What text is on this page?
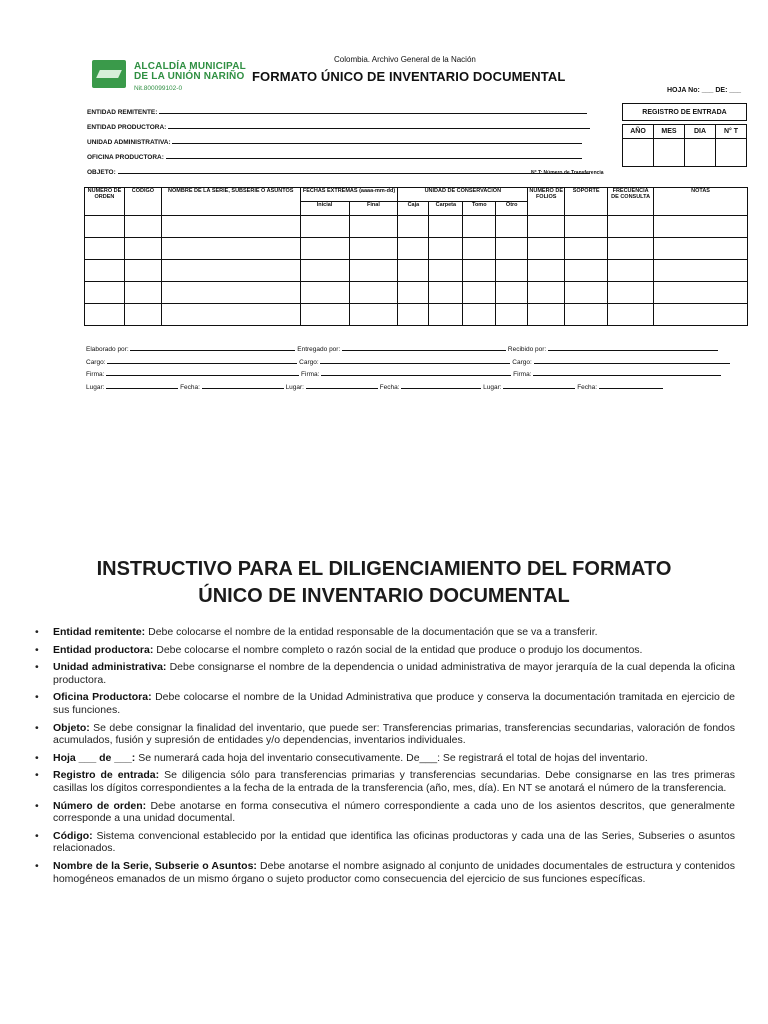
ALCALDÍA MUNICIPAL
DE LA UNIÓN NARIÑO
Nit.800099102-0
Colombia. Archivo General de la Nación
FORMATO ÚNICO DE INVENTARIO DOCUMENTAL
HOJA No: ___ DE: ___
ENTIDAD REMITENTE:
ENTIDAD PRODUCTORA:
UNIDAD ADMINISTRATIVA:
OFICINA PRODUCTORA:
OBJETO:	N° T: Número de Transferencia
REGISTRO DE ENTRADA			

AÑO	MES	DIA	N° T

NUMERO DE ORDEN	CODIGO	NOMBRE DE LA SERIE, SUBSERIE O ASUNTOS	FECHAS EXTREMAS (aaaa-mm-dd)		UNIDAD DE CONSERVACIÓN				NUMERO DE FOLIOS	SOPORTE	FRECUENCIA DE CONSULTA	NOTAS
			Inicial	Final	Caja	Carpeta	Tomo	Otro				

Elaborado por:	Entregado por:	Recibido por:
Cargo:	Cargo:	Cargo:
Firma:	Firma:	Firma:
Lugar:	Fecha:	Lugar:	Fecha:	Lugar:	Fecha:
INSTRUCTIVO PARA EL DILIGENCIAMIENTO DEL FORMATO
ÚNICO DE INVENTARIO DOCUMENTAL
• Entidad remitente: Debe colocarse el nombre de la entidad responsable de la documentación que se va a transferir.
• Entidad productora: Debe colocarse el nombre completo o razón social de la entidad que produce o produjo los documentos.
• Unidad administrativa: Debe consignarse el nombre de la dependencia o unidad administrativa de mayor jerarquía de la cual dependa la oficina productora.
• Oficina Productora: Debe colocarse el nombre de la Unidad Administrativa que produce y conserva la documentación tramitada en ejercicio de sus funciones.
• Objeto: Se debe consignar la finalidad del inventario, que puede ser: Transferencias primarias, transferencias secundarias, valoración de fondos acumulados, fusión y supresión de entidades y/o dependencias, inventarios individuales.
• Hoja ___ de ___: Se numerará cada hoja del inventario consecutivamente. De___: Se registrará el total de hojas del inventario.
• Registro de entrada: Se diligencia sólo para transferencias primarias y transferencias secundarias. Debe consignarse en las tres primeras casillas los dígitos correspondientes a la fecha de la entrada de la transferencia (año, mes, día). En NT se anotará el número de la transferencia.
• Número de orden: Debe anotarse en forma consecutiva el número correspondiente a cada uno de los asientos descritos, que generalmente corresponde a una unidad documental.
• Código: Sistema convencional establecido por la entidad que identifica las oficinas productoras y cada una de las Series, Subseries o asuntos relacionados.
• Nombre de la Serie, Subserie o Asuntos: Debe anotarse el nombre asignado al conjunto de unidades documentales de estructura y contenidos homogéneos emanados de un mismo órgano o sujeto productor como consecuencia del ejercicio de sus funciones específicas.
